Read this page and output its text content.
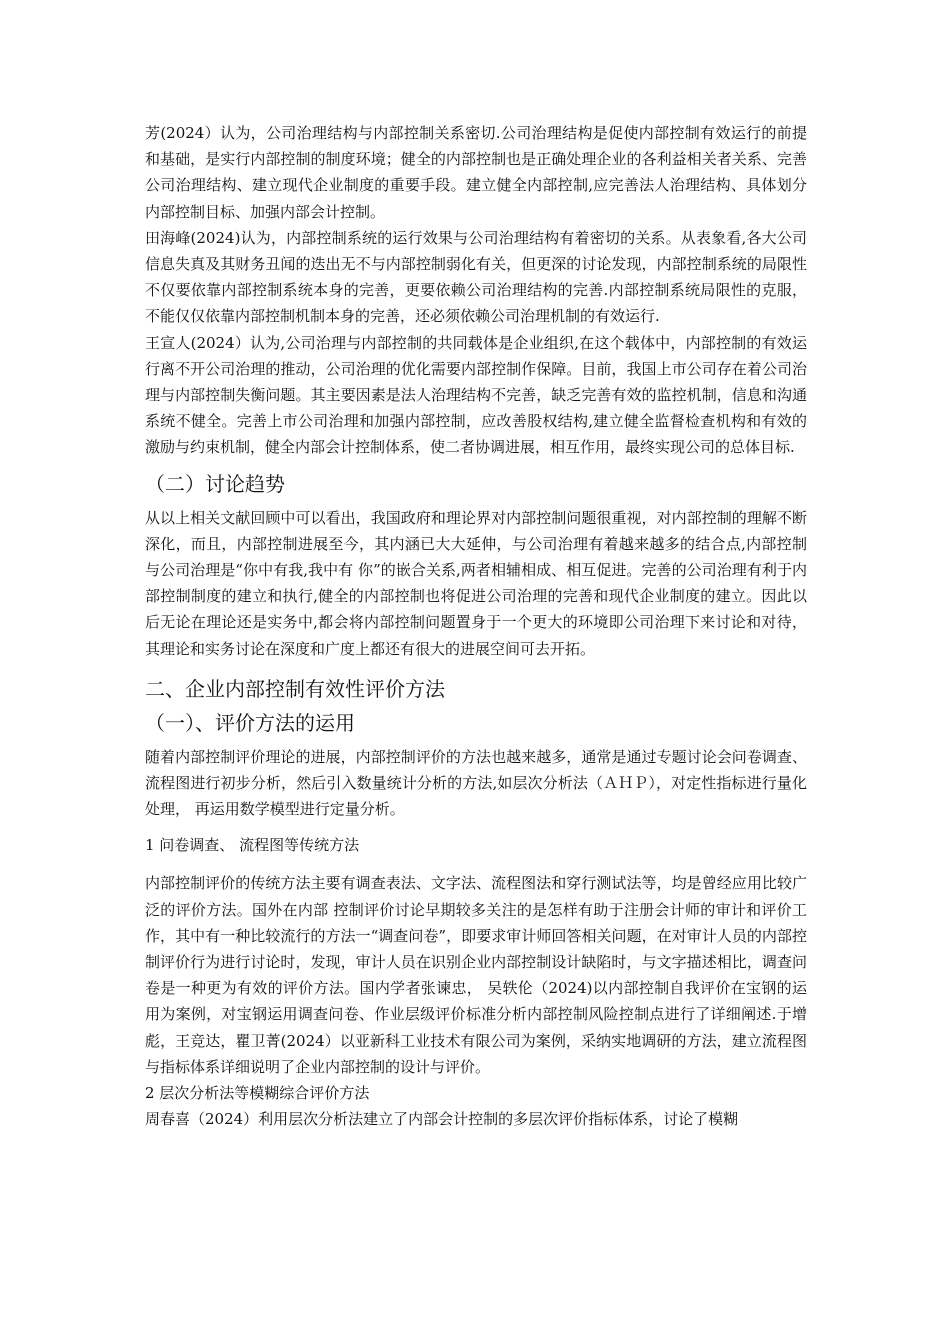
芳(2024）认为，公司治理结构与内部控制关系密切.公司治理结构是促使内部控制有效运行的前提和基础，是实行内部控制的制度环境；健全的内部控制也是正确处理企业的各利益相关者关系、完善公司治理结构、建立现代企业制度的重要手段。建立健全内部控制,应完善法人治理结构、具体划分内部控制目标、加强内部会计控制。

田海峰(2024)认为，内部控制系统的运行效果与公司治理结构有着密切的关系。从表象看,各大公司信息失真及其财务丑闻的迭出无不与内部控制弱化有关，但更深的讨论发现，内部控制系统的局限性不仅要依靠内部控制系统本身的完善，更要依赖公司治理结构的完善.内部控制系统局限性的克服，不能仅仅依靠内部控制机制本身的完善，还必须依赖公司治理机制的有效运行.

王宣人(2024）认为,公司治理与内部控制的共同载体是企业组织,在这个载体中，内部控制的有效运行离不开公司治理的推动，公司治理的优化需要内部控制作保障。目前，我国上市公司存在着公司治理与内部控制失衡问题。其主要因素是法人治理结构不完善，缺乏完善有效的监控机制，信息和沟通系统不健全。完善上市公司治理和加强内部控制，应改善股权结构,建立健全监督检查机构和有效的激励与约束机制，健全内部会计控制体系，使二者协调进展，相互作用，最终实现公司的总体目标.

（二）讨论趋势

从以上相关文献回顾中可以看出，我国政府和理论界对内部控制问题很重视，对内部控制的理解不断深化，而且，内部控制进展至今，其内涵已大大延伸，与公司治理有着越来越多的结合点,内部控制与公司治理是“你中有我,我中有 你”的嵌合关系,两者相辅相成、相互促进。完善的公司治理有利于内部控制制度的建立和执行,健全的内部控制也将促进公司治理的完善和现代企业制度的建立。因此以后无论在理论还是实务中,都会将内部控制问题置身于一个更大的环境即公司治理下来讨论和对待，其理论和实务讨论在深度和广度上都还有很大的进展空间可去开拓。

二、企业内部控制有效性评价方法
（一）、评价方法的运用

随着内部控制评价理论的进展，内部控制评价的方法也越来越多，通常是通过专题讨论会问卷调查、 流程图进行初步分析，然后引入数量统计分析的方法,如层次分析法（ＡＨＰ），对定性指标进行量化处理， 再运用数学模型进行定量分析。

1 问卷调查、 流程图等传统方法

内部控制评价的传统方法主要有调查表法、文字法、流程图法和穿行测试法等，均是曾经应用比较广泛的评价方法。国外在内部 控制评价讨论早期较多关注的是怎样有助于注册会计师的审计和评价工作，其中有一种比较流行的方法一“调查问卷”，即要求审计师回答相关问题，在对审计人员的内部控制评价行为进行讨论时，发现，审计人员在识别企业内部控制设计缺陷时，与文字描述相比，调查问卷是一种更为有效的评价方法。国内学者张谏忠， 吴轶伦（2024)以内部控制自我评价在宝钢的运用为案例，对宝钢运用调查问卷、作业层级评价标准分析内部控制风险控制点进行了详细阐述.于增彪，王竞达，瞿卫菁(2024）以亚新科工业技术有限公司为案例，采纳实地调研的方法，建立流程图与指标体系详细说明了企业内部控制的设计与评价。

2 层次分析法等模糊综合评价方法

周春喜（2024）利用层次分析法建立了内部会计控制的多层次评价指标体系，讨论了模糊
